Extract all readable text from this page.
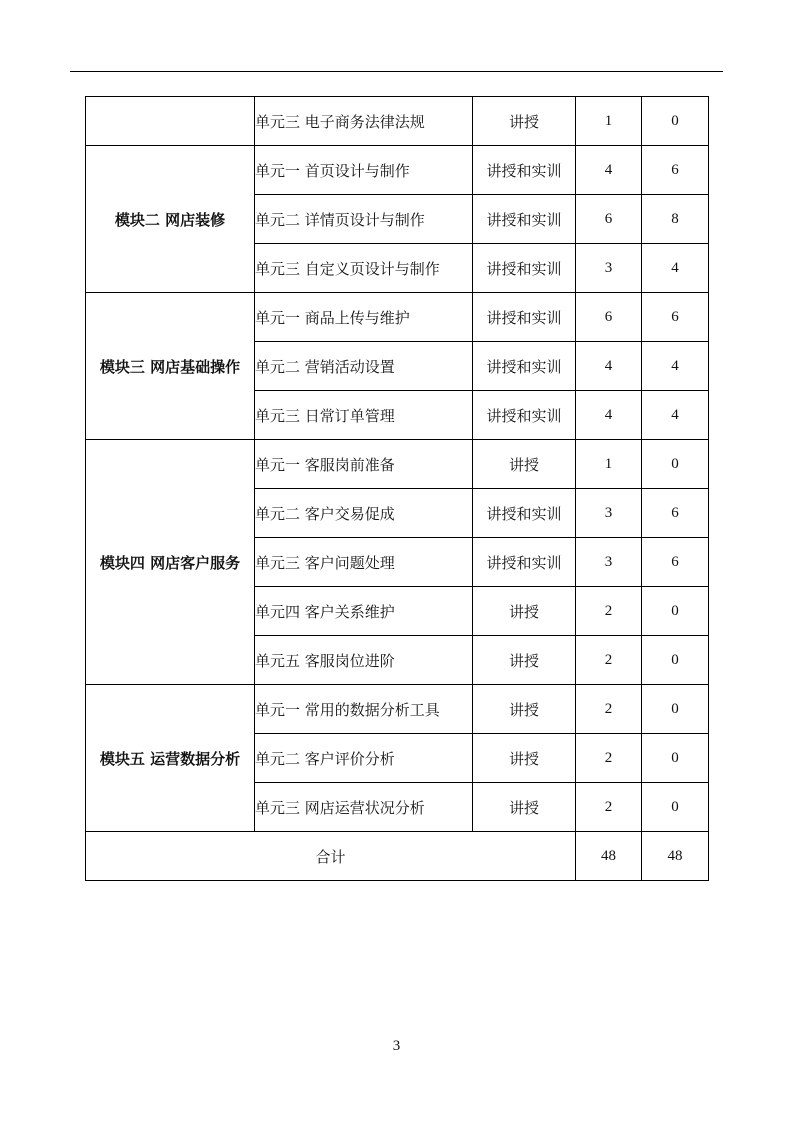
	单元三 电子商务法律法规	讲授	1	0
模块二 网店装修	单元一 首页设计与制作	讲授和实训	4	6
	单元二 详情页设计与制作	讲授和实训	6	8
	单元三 自定义页设计与制作	讲授和实训	3	4
模块三 网店基础操作	单元一 商品上传与维护	讲授和实训	6	6
	单元二 营销活动设置	讲授和实训	4	4
	单元三 日常订单管理	讲授和实训	4	4
模块四 网店客户服务	单元一 客服岗前准备	讲授	1	0
	单元二 客户交易促成	讲授和实训	3	6
	单元三 客户问题处理	讲授和实训	3	6
	单元四 客户关系维护	讲授	2	0
	单元五 客服岗位进阶	讲授	2	0
模块五 运营数据分析	单元一 常用的数据分析工具	讲授	2	0
	单元二 客户评价分析	讲授	2	0
	单元三 网店运营状况分析	讲授	2	0
合计			48	48
3
